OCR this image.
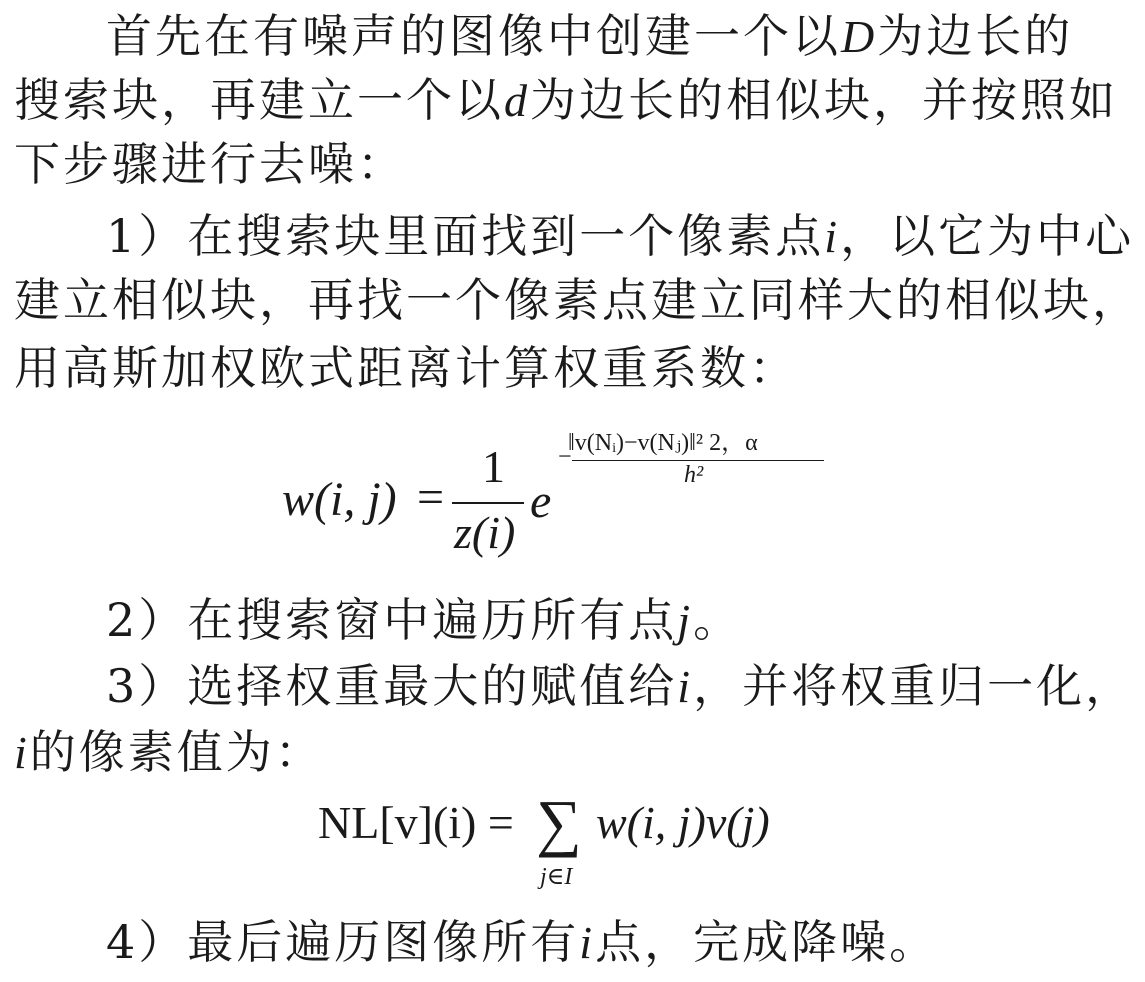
首先在有噪声的图像中创建一个以D为边长的
搜索块，再建立一个以d为边长的相似块，并按照如
下步骤进行去噪：
1）在搜索块里面找到一个像素点i，以它为中心
建立相似块，再找一个像素点建立同样大的相似块，
用高斯加权欧式距离计算权重系数：
w(i, j) =
1
z(i)
e
−
‖v(Nᵢ)−v(Nⱼ)‖² 2，α
h²
2）在搜索窗中遍历所有点j。
3）选择权重最大的赋值给i，并将权重归一化，
i的像素值为：
NL[v](i) = ∑
j∈I
w(i, j)v(j)
4）最后遍历图像所有i点，完成降噪。
